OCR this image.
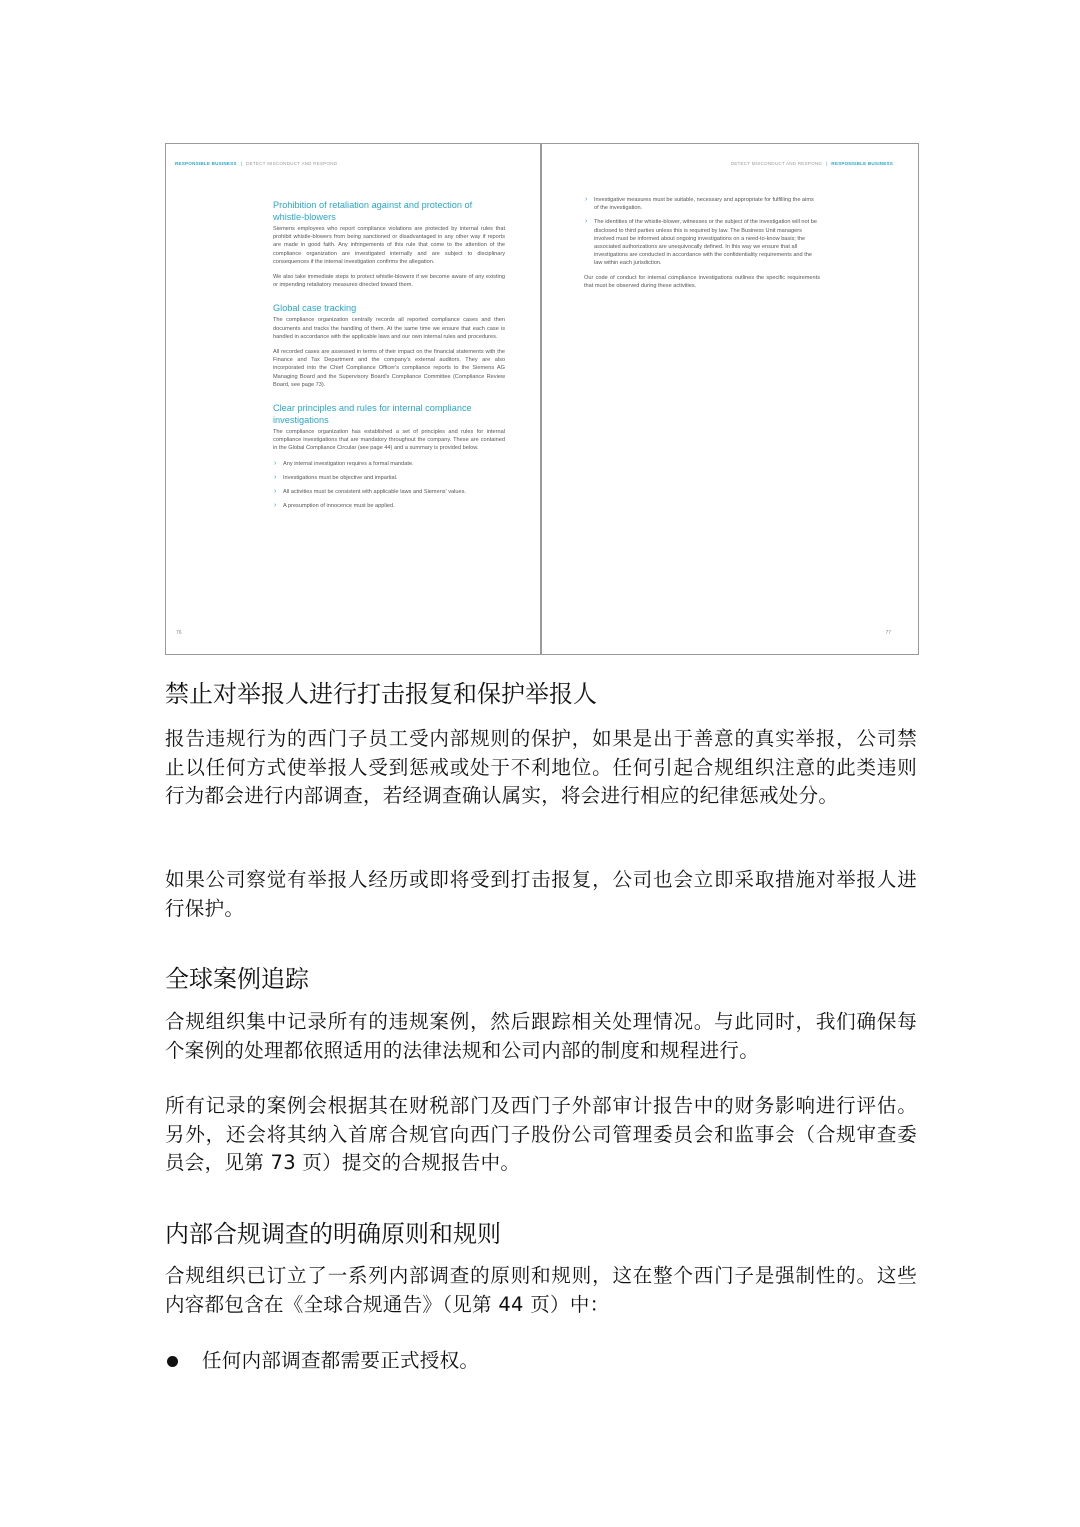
RESPONSIBLE BUSINESS | DETECT MISCONDUCT AND RESPOND
Prohibition of retaliation against and protection of whistle-blowers

Siemens employees who report compliance violations are protected by internal rules that prohibit whistle-blowers from being sanctioned or disadvantaged in any other way if reports are made in good faith. Any infringements of this rule that come to the attention of the compliance organization are investigated internally and are subject to disciplinary consequences if the internal investigation confirms the allegation.

We also take immediate steps to protect whistle-blowers if we become aware of any existing or impending retaliatory measures directed toward them.

Global case tracking

The compliance organization centrally records all reported compliance cases and then documents and tracks the handling of them. At the same time we ensure that each case is handled in accordance with the applicable laws and our own internal rules and procedures.

All recorded cases are assessed in terms of their impact on the financial statements with the Finance and Tax Department and the company's external auditors. They are also incorporated into the Chief Compliance Officer's compliance reports to the Siemens AG Managing Board and the Supervisory Board's Compliance Committee (Compliance Review Board, see page 73).

Clear principles and rules for internal compliance investigations

The compliance organization has established a set of principles and rules for internal compliance investigations that are mandatory throughout the company. These are contained in the Global Compliance Circular (see page 44) and a summary is provided below.

› Any internal investigation requires a formal mandate.
› Investigations must be objective and impartial.
› All activities must be consistent with applicable laws and Siemens' values.
› A presumption of innocence must be applied.
76
DETECT MISCONDUCT AND RESPOND | RESPONSIBLE BUSINESS
› Investigative measures must be suitable, necessary and appropriate for fulfilling the aims of the investigation.
› The identities of the whistle-blower, witnesses or the subject of the investigation will not be disclosed to third parties unless this is required by law. The Business Unit managers involved must be informed about ongoing investigations on a need-to-know basis; the associated authorizations are unequivocally defined. In this way we ensure that all investigations are conducted in accordance with the confidentiality requirements and the law within each jurisdiction.

Our code of conduct for internal compliance investigations outlines the specific requirements that must be observed during these activities.

77
禁止对举报人进行打击报复和保护举报人

报告违规行为的西门子员工受内部规则的保护，如果是出于善意的真实举报，公司禁止以任何方式使举报人受到惩戒或处于不利地位。任何引起合规组织注意的此类违则行为都会进行内部调查，若经调查确认属实，将会进行相应的纪律惩戒处分。

如果公司察觉有举报人经历或即将受到打击报复，公司也会立即采取措施对举报人进行保护。

全球案例追踪

合规组织集中记录所有的违规案例，然后跟踪相关处理情况。与此同时，我们确保每个案例的处理都依照适用的法律法规和公司内部的制度和规程进行。

所有记录的案例会根据其在财税部门及西门子外部审计报告中的财务影响进行评估。另外，还会将其纳入首席合规官向西门子股份公司管理委员会和监事会（合规审查委员会，见第 73 页）提交的合规报告中。

内部合规调查的明确原则和规则

合规组织已订立了一系列内部调查的原则和规则，这在整个西门子是强制性的。这些内容都包含在《全球合规通告》（见第 44 页）中：

任何内部调查都需要正式授权。
